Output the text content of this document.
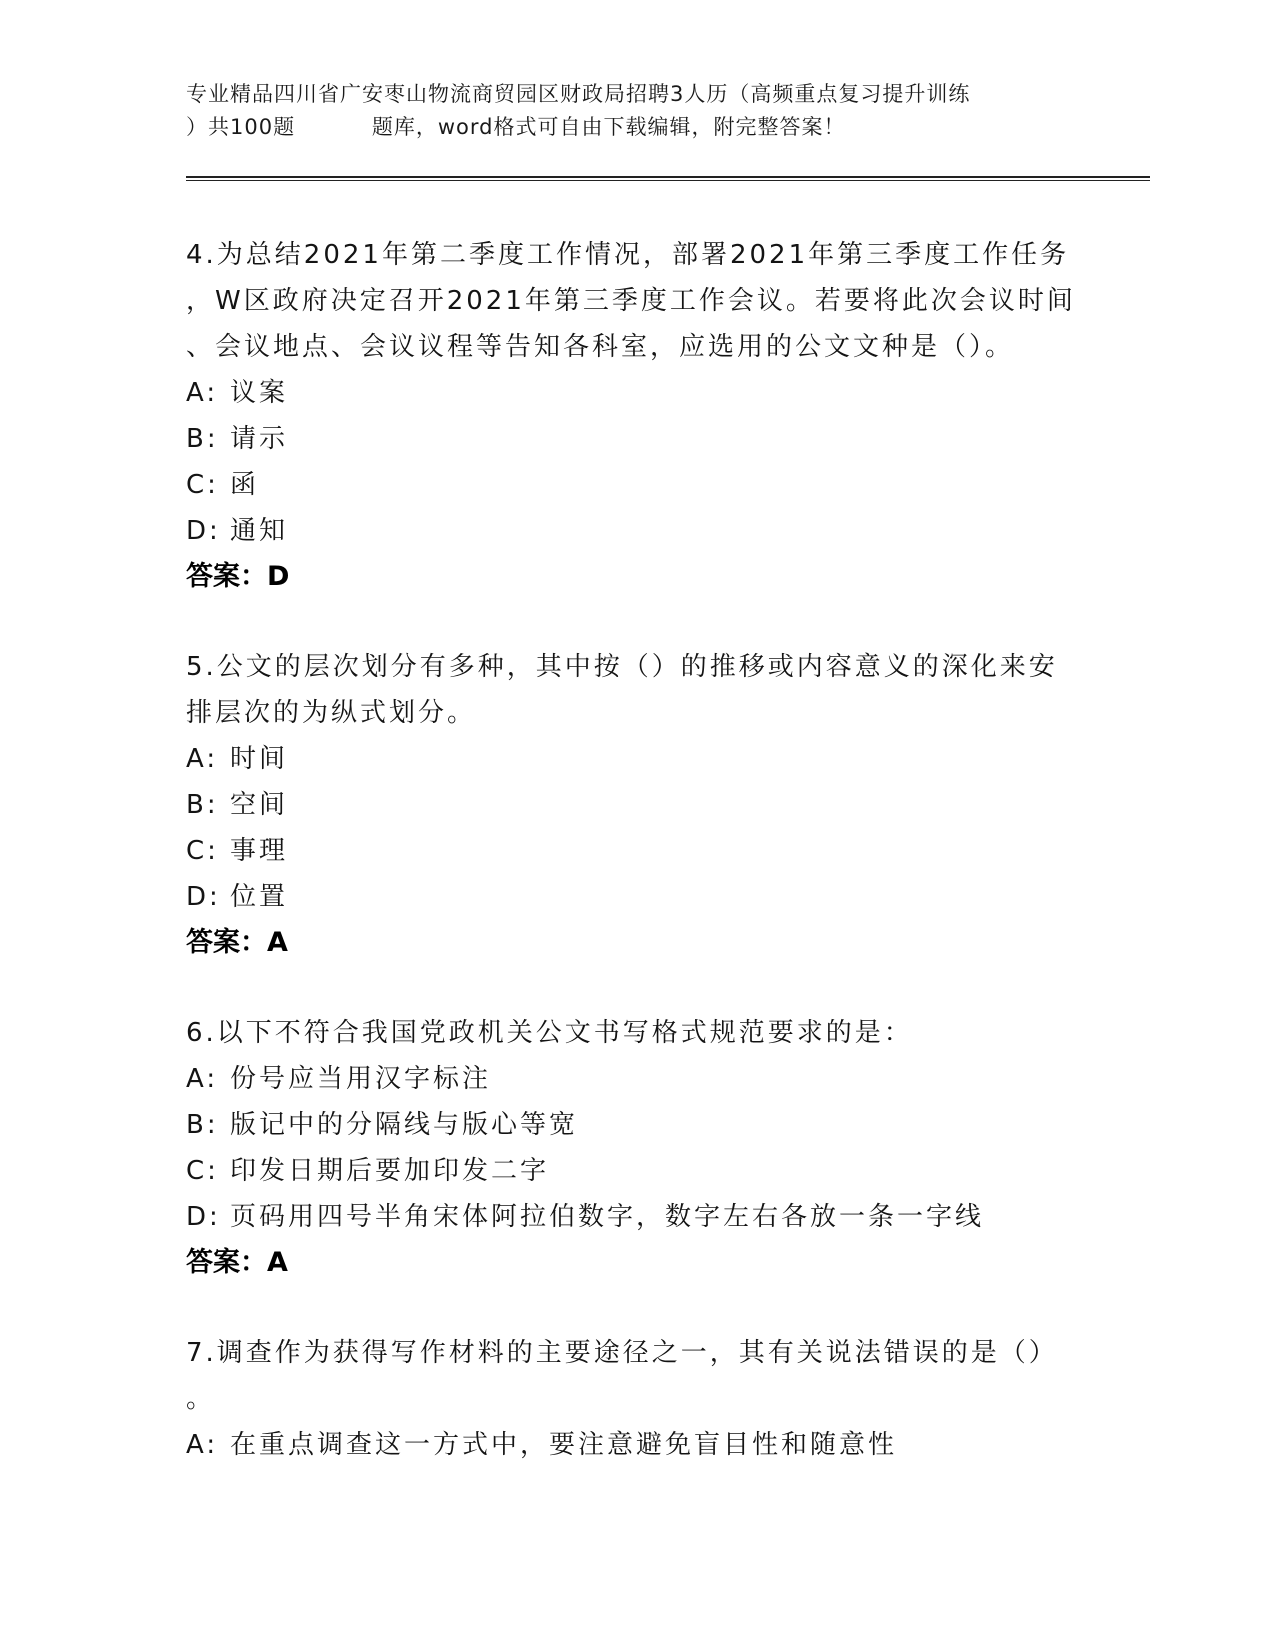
专业精品四川省广安枣山物流商贸园区财政局招聘3人历（高频重点复习提升训练
）共100题          题库，word格式可自由下载编辑，附完整答案！
4.为总结2021年第二季度工作情况，部署2021年第三季度工作任务
，W区政府决定召开2021年第三季度工作会议。若要将此次会议时间
、会议地点、会议议程等告知各科室，应选用的公文文种是（）。
A: 议案
B: 请示
C: 函
D: 通知
答案：D
5.公文的层次划分有多种，其中按（）的推移或内容意义的深化来安
排层次的为纵式划分。
A: 时间
B: 空间
C: 事理
D: 位置
答案：A
6.以下不符合我国党政机关公文书写格式规范要求的是：
A: 份号应当用汉字标注
B: 版记中的分隔线与版心等宽
C: 印发日期后要加印发二字
D: 页码用四号半角宋体阿拉伯数字，数字左右各放一条一字线
答案：A
7.调查作为获得写作材料的主要途径之一，其有关说法错误的是（）
。
A: 在重点调查这一方式中，要注意避免盲目性和随意性
